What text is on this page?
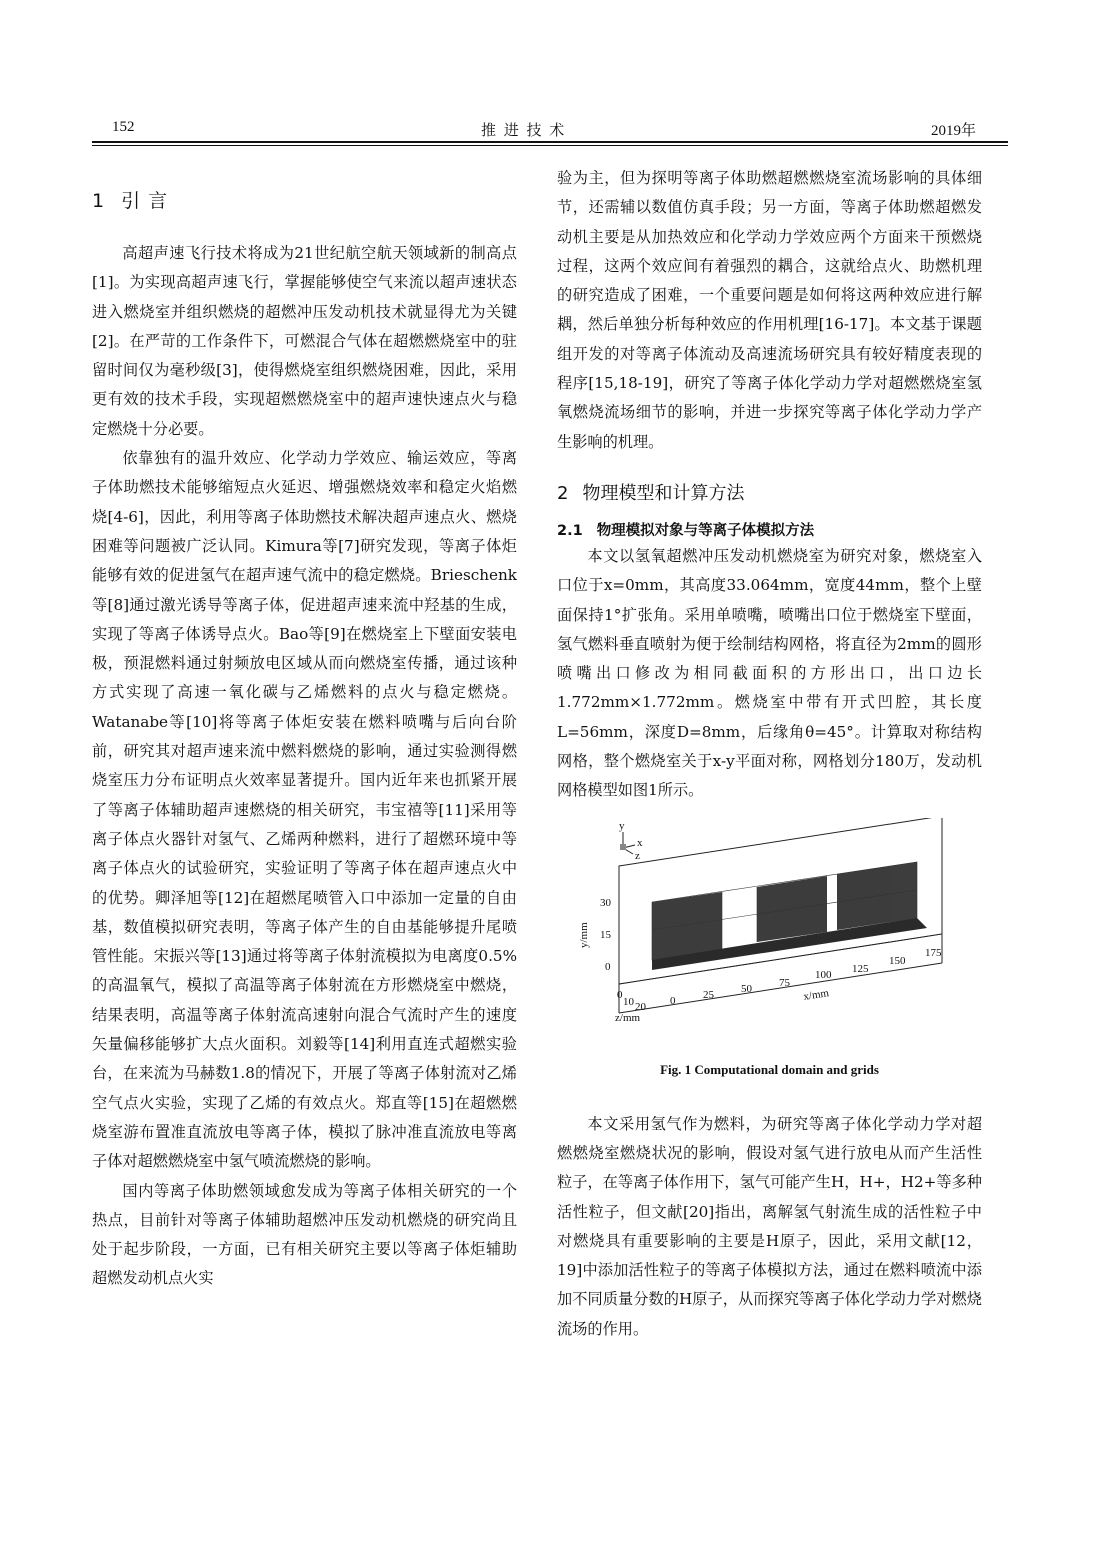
152	推 进 技 术	2019年
1 引 言

高超声速飞行技术将成为21世纪航空航天领域新的制高点[1]。为实现高超声速飞行，掌握能够使空气来流以超声速状态进入燃烧室并组织燃烧的超燃冲压发动机技术就显得尤为关键[2]。在严苛的工作条件下，可燃混合气体在超燃燃烧室中的驻留时间仅为毫秒级[3]，使得燃烧室组织燃烧困难，因此，采用更有效的技术手段，实现超燃燃烧室中的超声速快速点火与稳定燃烧十分必要。

依靠独有的温升效应、化学动力学效应、输运效应，等离子体助燃技术能够缩短点火延迟、增强燃烧效率和稳定火焰燃烧[4-6]，因此，利用等离子体助燃技术解决超声速点火、燃烧困难等问题被广泛认同。Kimura等[7]研究发现，等离子体炬能够有效的促进氢气在超声速气流中的稳定燃烧。Brieschenk等[8]通过激光诱导等离子体，促进超声速来流中羟基的生成，实现了等离子体诱导点火。Bao等[9]在燃烧室上下壁面安装电极，预混燃料通过射频放电区域从而向燃烧室传播，通过该种方式实现了高速一氧化碳与乙烯燃料的点火与稳定燃烧。Watanabe等[10]将等离子体炬安装在燃料喷嘴与后向台阶前，研究其对超声速来流中燃料燃烧的影响，通过实验测得燃烧室压力分布证明点火效率显著提升。国内近年来也抓紧开展了等离子体辅助超声速燃烧的相关研究，韦宝禧等[11]采用等离子体点火器针对氢气、乙烯两种燃料，进行了超燃环境中等离子体点火的试验研究，实验证明了等离子体在超声速点火中的优势。卿泽旭等[12]在超燃尾喷管入口中添加一定量的自由基，数值模拟研究表明，等离子体产生的自由基能够提升尾喷管性能。宋振兴等[13]通过将等离子体射流模拟为电离度0.5%的高温氧气，模拟了高温等离子体射流在方形燃烧室中燃烧，结果表明，高温等离子体射流高速射向混合气流时产生的速度矢量偏移能够扩大点火面积。刘毅等[14]利用直连式超燃实验台，在来流为马赫数1.8的情况下，开展了等离子体射流对乙烯空气点火实验，实现了乙烯的有效点火。郑直等[15]在超燃燃烧室游布置准直流放电等离子体，模拟了脉冲准直流放电等离子体对超燃燃烧室中氢气喷流燃烧的影响。

国内等离子体助燃领域愈发成为等离子体相关研究的一个热点，目前针对等离子体辅助超燃冲压发动机燃烧的研究尚且处于起步阶段，一方面，已有相关研究主要以等离子体炬辅助超燃发动机点火实

验为主，但为探明等离子体助燃超燃燃烧室流场影响的具体细节，还需辅以数值仿真手段；另一方面，等离子体助燃超燃发动机主要是从加热效应和化学动力学效应两个方面来干预燃烧过程，这两个效应间有着强烈的耦合，这就给点火、助燃机理的研究造成了困难，一个重要问题是如何将这两种效应进行解耦，然后单独分析每种效应的作用机理[16-17]。本文基于课题组开发的对等离子体流动及高速流场研究具有较好精度表现的程序[15,18-19]，研究了等离子体化学动力学对超燃燃烧室氢氧燃烧流场细节的影响，并进一步探究等离子体化学动力学产生影响的机理。

2 物理模型和计算方法
2.1 物理模拟对象与等离子体模拟方法

本文以氢氧超燃冲压发动机燃烧室为研究对象，燃烧室入口位于x=0mm，其高度33.064mm，宽度44mm，整个上壁面保持1°扩张角。采用单喷嘴，喷嘴出口位于燃烧室下壁面，氢气燃料垂直喷射为便于绘制结构网格，将直径为2mm的圆形喷嘴出口修改为相同截面积的方形出口，出口边长1.772mm×1.772mm。燃烧室中带有开式凹腔，其长度L=56mm，深度D=8mm，后缘角θ=45°。计算取对称结构网格，整个燃烧室关于x-y平面对称，网格划分180万，发动机网格模型如图1所示。

y
x
z
30
15
0
y/mm
0
10 20
z/mm
0	25 50 75
100 125
150
175
x/mm
Fig. 1 Computational domain and grids

本文采用氢气作为燃料，为研究等离子体化学动力学对超燃燃烧室燃烧状况的影响，假设对氢气进行放电从而产生活性粒子，在等离子体作用下，氢气可能产生H，H+，H2+等多种活性粒子，但文献[20]指出，离解氢气射流生成的活性粒子中对燃烧具有重要影响的主要是H原子，因此，采用文献[12，19]中添加活性粒子的等离子体模拟方法，通过在燃料喷流中添加不同质量分数的H原子，从而探究等离子体化学动力学对燃烧流场的作用。
